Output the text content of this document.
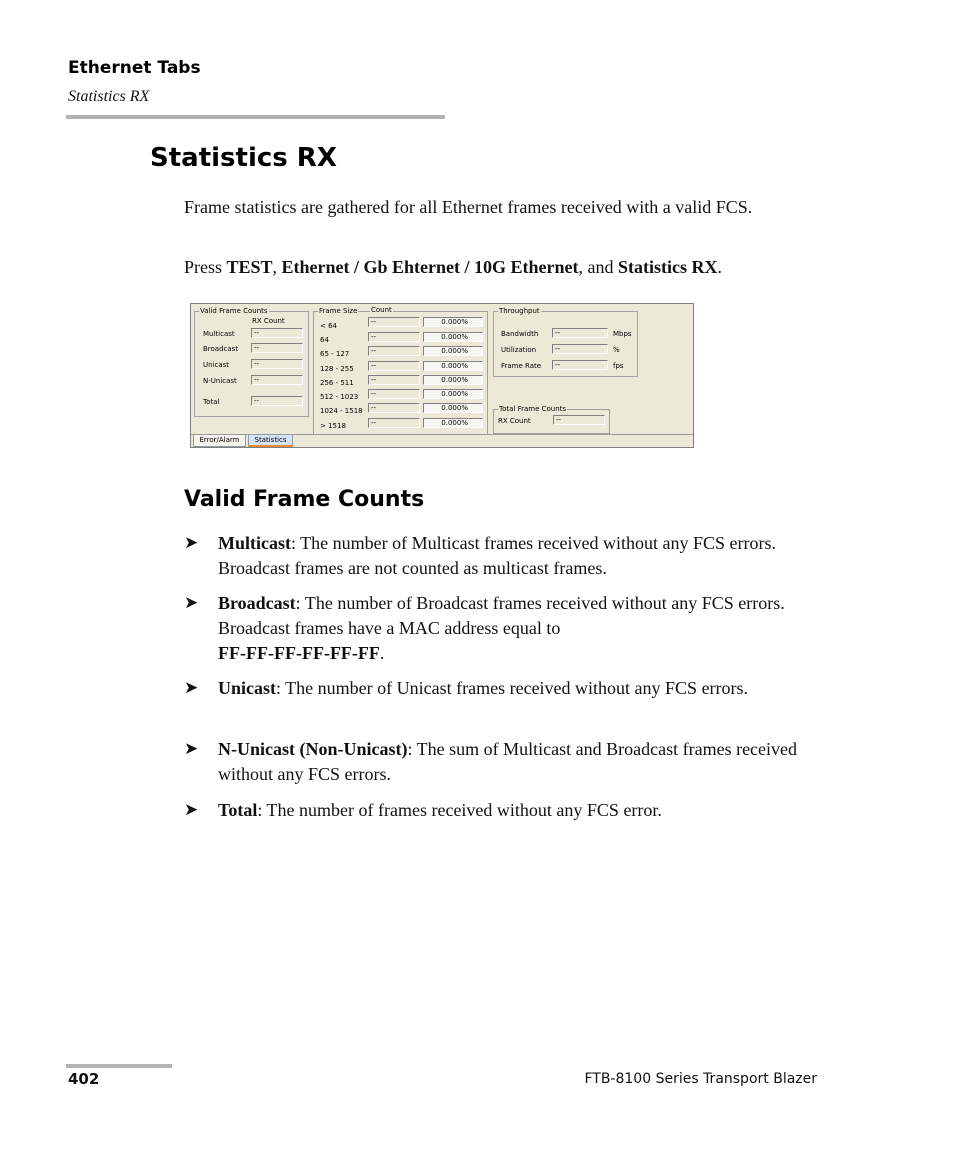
Ethernet Tabs
Statistics RX
Statistics RX

Frame statistics are gathered for all Ethernet frames received with a valid FCS.

Press TEST, Ethernet / Gb Ehternet / 10G Ethernet, and Statistics RX.

Valid Frame Counts
RX Count
Multicast	--
Broadcast	--
Unicast	--
N-Unicast	--
Total	--
Frame Size Count
< 64	--	0.000%
64	--	0.000%
65 - 127	--	0.000%
128 - 255	--	0.000%
256 - 511	--	0.000%
512 - 1023	--	0.000%
1024 - 1518	--	0.000%
> 1518	--	0.000%
Throughput
Bandwidth	--	Mbps
Utilization	--	%
Frame Rate	--	fps
Total Frame Counts
RX Count	--
Error/Alarm	Statistics
Valid Frame Counts
➤ Multicast: The number of Multicast frames received without any FCS errors. Broadcast frames are not counted as multicast frames.
➤ Broadcast: The number of Broadcast frames received without any FCS errors. Broadcast frames have a MAC address equal to
FF-FF-FF-FF-FF-FF.
➤ Unicast: The number of Unicast frames received without any FCS errors.
➤ N-Unicast (Non-Unicast): The sum of Multicast and Broadcast frames received without any FCS errors.
➤ Total: The number of frames received without any FCS error.
402	FTB-8100 Series Transport Blazer
